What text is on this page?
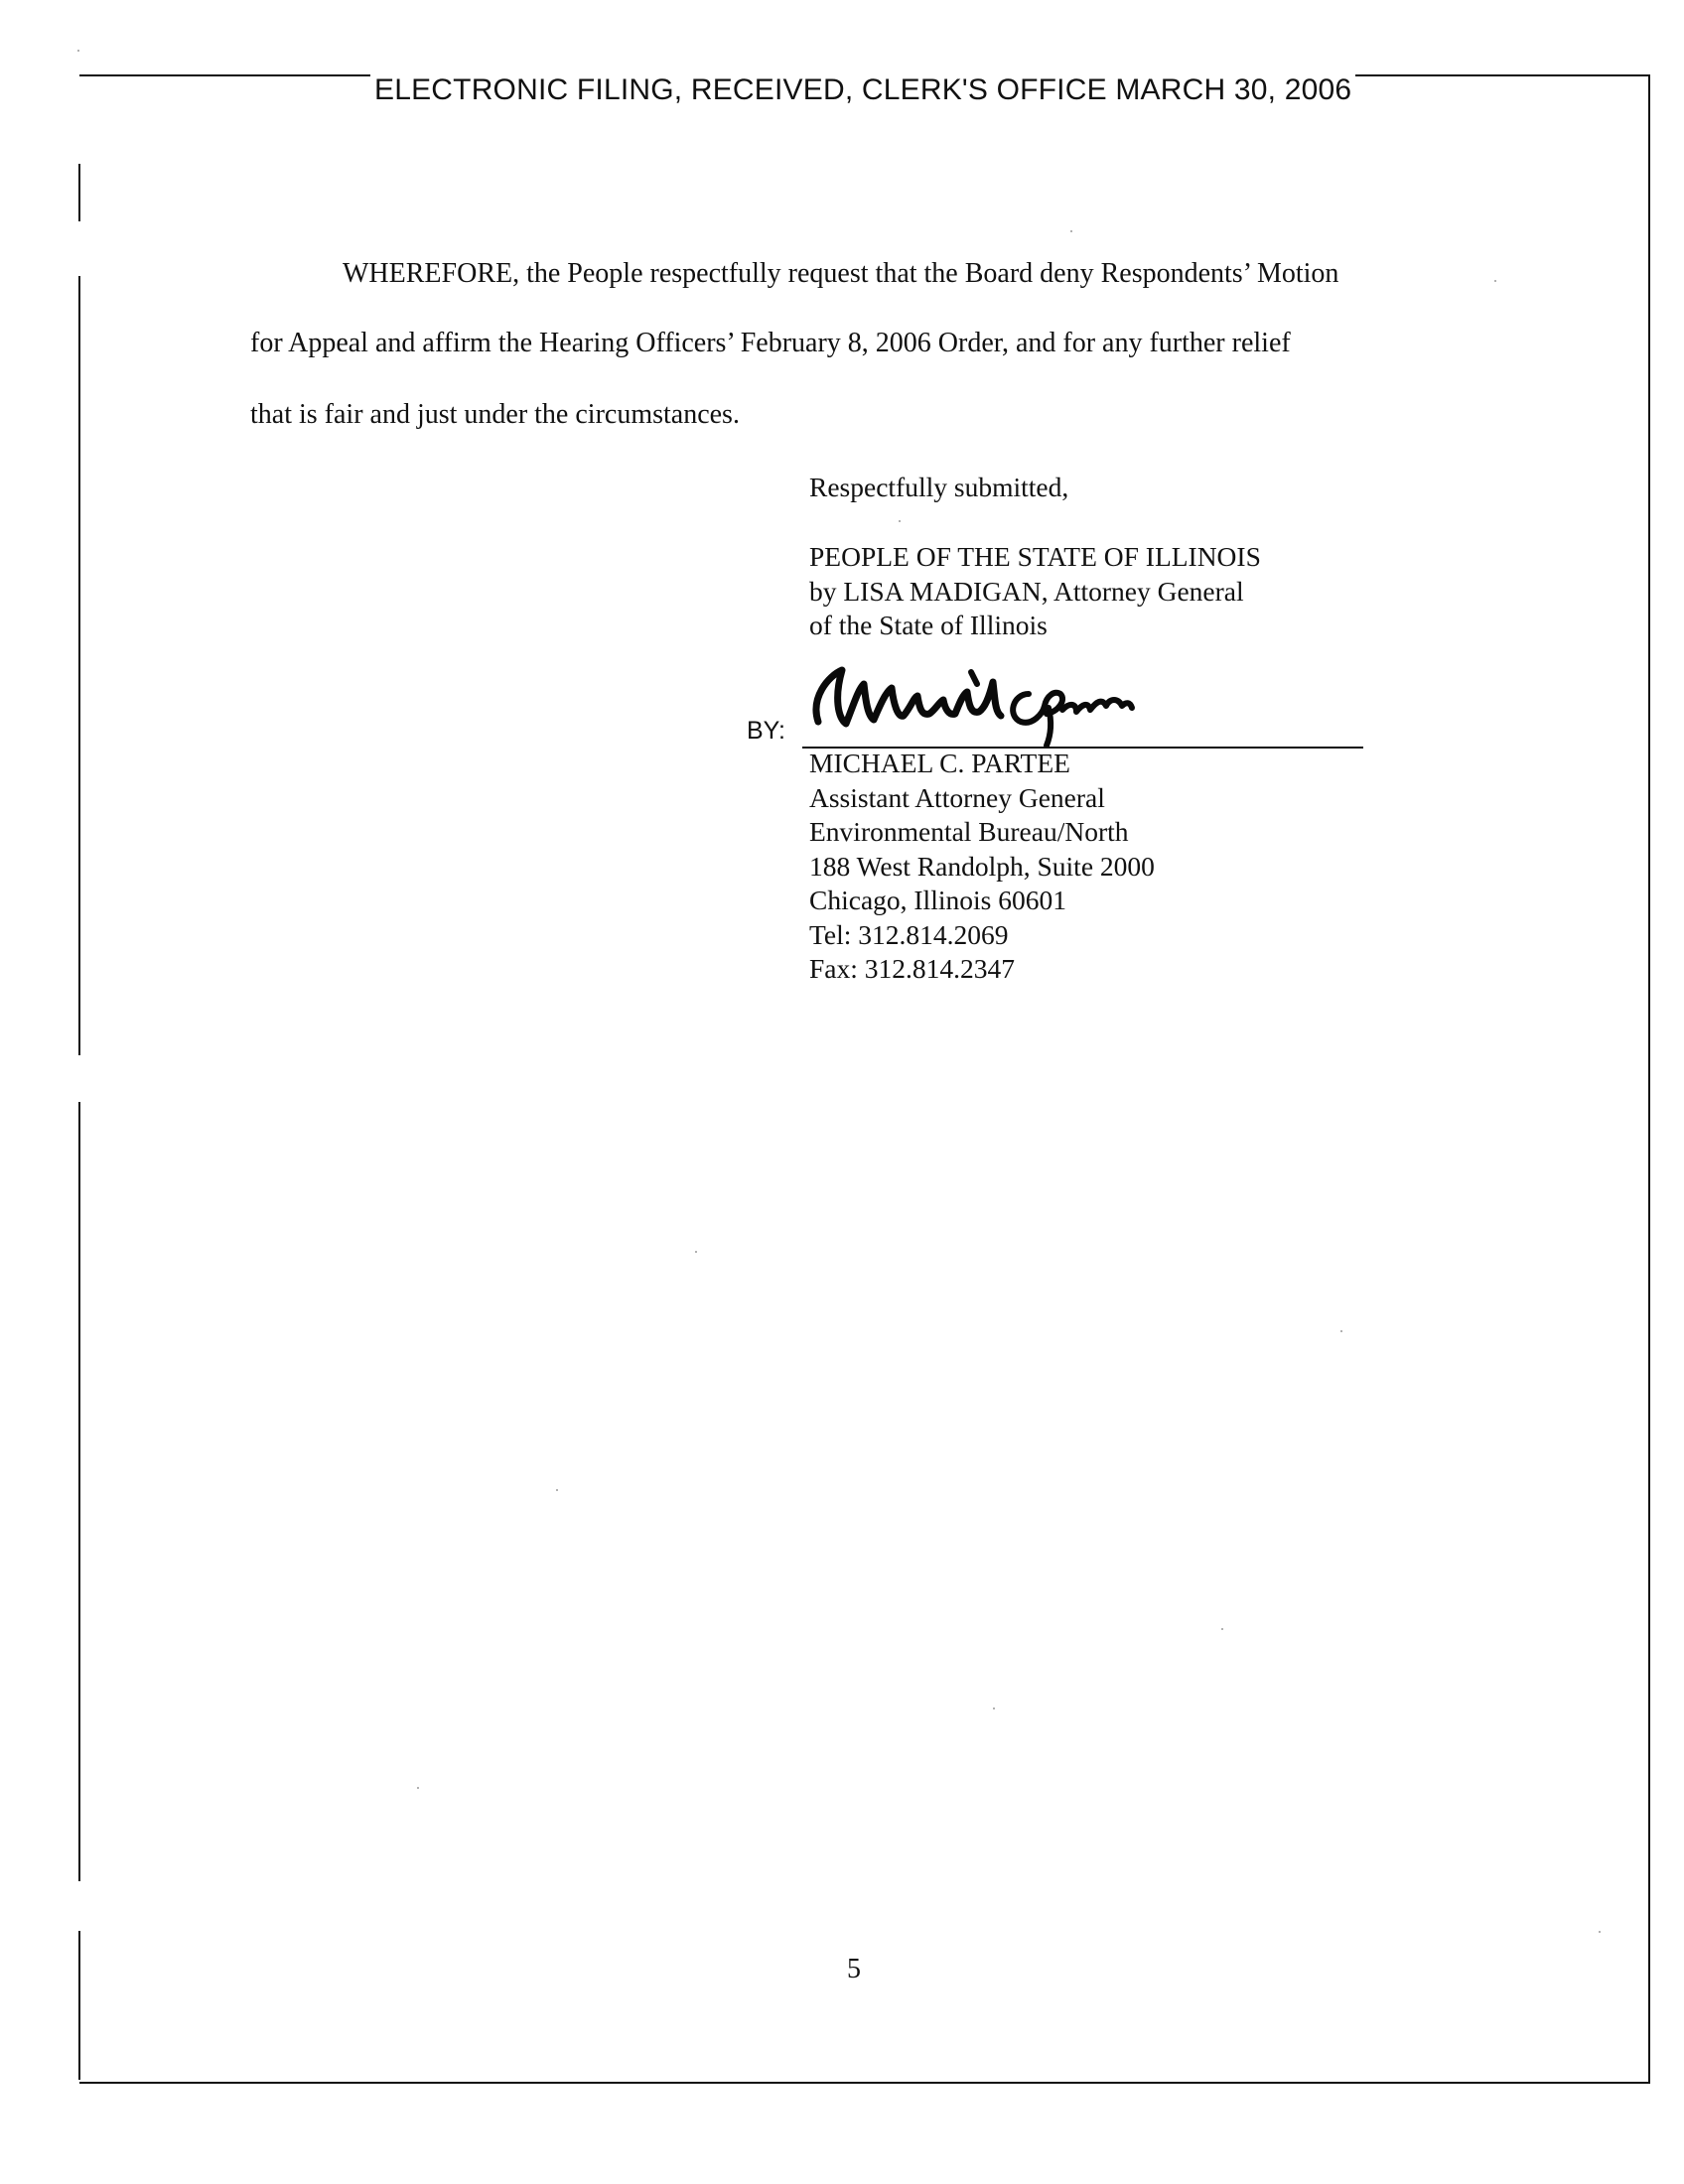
ELECTRONIC FILING, RECEIVED, CLERK'S OFFICE MARCH 30, 2006
WHEREFORE, the People respectfully request that the Board deny Respondents’ Motion
for Appeal and affirm the Hearing Officers’ February 8, 2006 Order, and for any further relief
that is fair and just under the circumstances.
Respectfully submitted,
PEOPLE OF THE STATE OF ILLINOIS
by LISA MADIGAN, Attorney General
of the State of Illinois
BY:
MICHAEL C. PARTEE
Assistant Attorney General
Environmental Bureau/North
188 West Randolph, Suite 2000
Chicago, Illinois 60601
Tel: 312.814.2069
Fax: 312.814.2347
5
